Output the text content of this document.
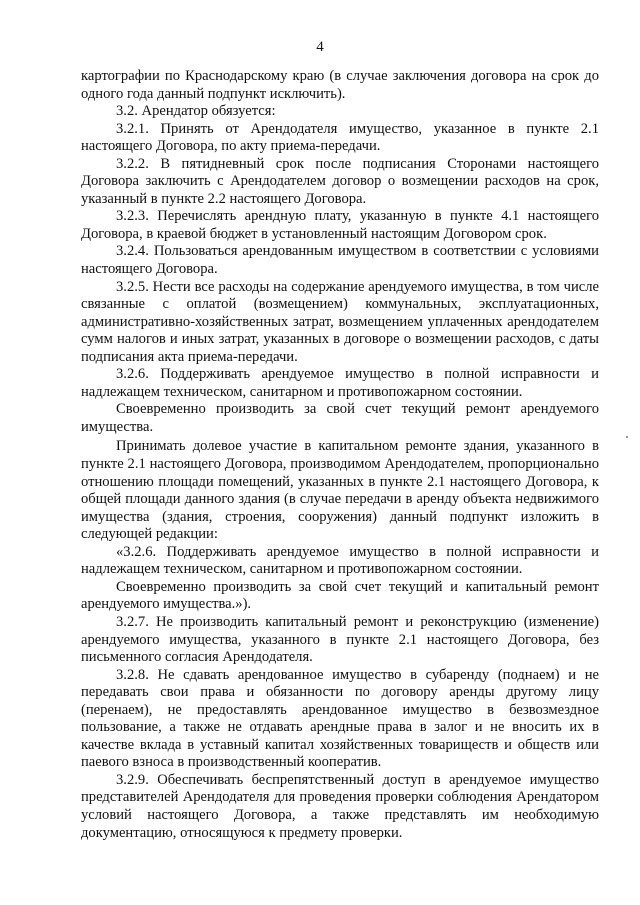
4

картографии по Краснодарскому краю (в случае заключения договора на срок до одного года данный подпункт исключить).

3.2. Арендатор обязуется:

3.2.1. Принять от Арендодателя имущество, указанное в пункте 2.1 настоящего Договора, по акту приема-передачи.

3.2.2. В пятидневный срок после подписания Сторонами настоящего Договора заключить с Арендодателем договор о возмещении расходов на срок, указанный в пункте 2.2 настоящего Договора.

3.2.3. Перечислять арендную плату, указанную в пункте 4.1 настоящего Договора, в краевой бюджет в установленный настоящим Договором срок.

3.2.4. Пользоваться арендованным имуществом в соответствии с условиями настоящего Договора.

3.2.5. Нести все расходы на содержание арендуемого имущества, в том числе связанные с оплатой (возмещением) коммунальных, эксплуатационных, административно-хозяйственных затрат, возмещением уплаченных арендодателем сумм налогов и иных затрат, указанных в договоре о возмещении расходов, с даты подписания акта приема-передачи.

3.2.6. Поддерживать арендуемое имущество в полной исправности и надлежащем техническом, санитарном и противопожарном состоянии.

Своевременно производить за свой счет текущий ремонт арендуемого имущества.

Принимать долевое участие в капитальном ремонте здания, указанного в пункте 2.1 настоящего Договора, производимом Арендодателем, пропорционально отношению площади помещений, указанных в пункте 2.1 настоящего Договора, к общей площади данного здания (в случае передачи в аренду объекта недвижимого имущества (здания, строения, сооружения) данный подпункт изложить в следующей редакции:

«3.2.6. Поддерживать арендуемое имущество в полной исправности и надлежащем техническом, санитарном и противопожарном состоянии.

Своевременно производить за свой счет текущий и капитальный ремонт арендуемого имущества.»).

3.2.7. Не производить капитальный ремонт и реконструкцию (изменение) арендуемого имущества, указанного в пункте 2.1 настоящего Договора, без письменного согласия Арендодателя.

3.2.8. Не сдавать арендованное имущество в субаренду (поднаем) и не передавать свои права и обязанности по договору аренды другому лицу (перенаем), не предоставлять арендованное имущество в безвозмездное пользование, а также не отдавать арендные права в залог и не вносить их в качестве вклада в уставный капитал хозяйственных товариществ и обществ или паевого взноса в производственный кооператив.

3.2.9. Обеспечивать беспрепятственный доступ в арендуемое имущество представителей Арендодателя для проведения проверки соблюдения Арендатором условий настоящего Договора, а также представлять им необходимую документацию, относящуюся к предмету проверки.
